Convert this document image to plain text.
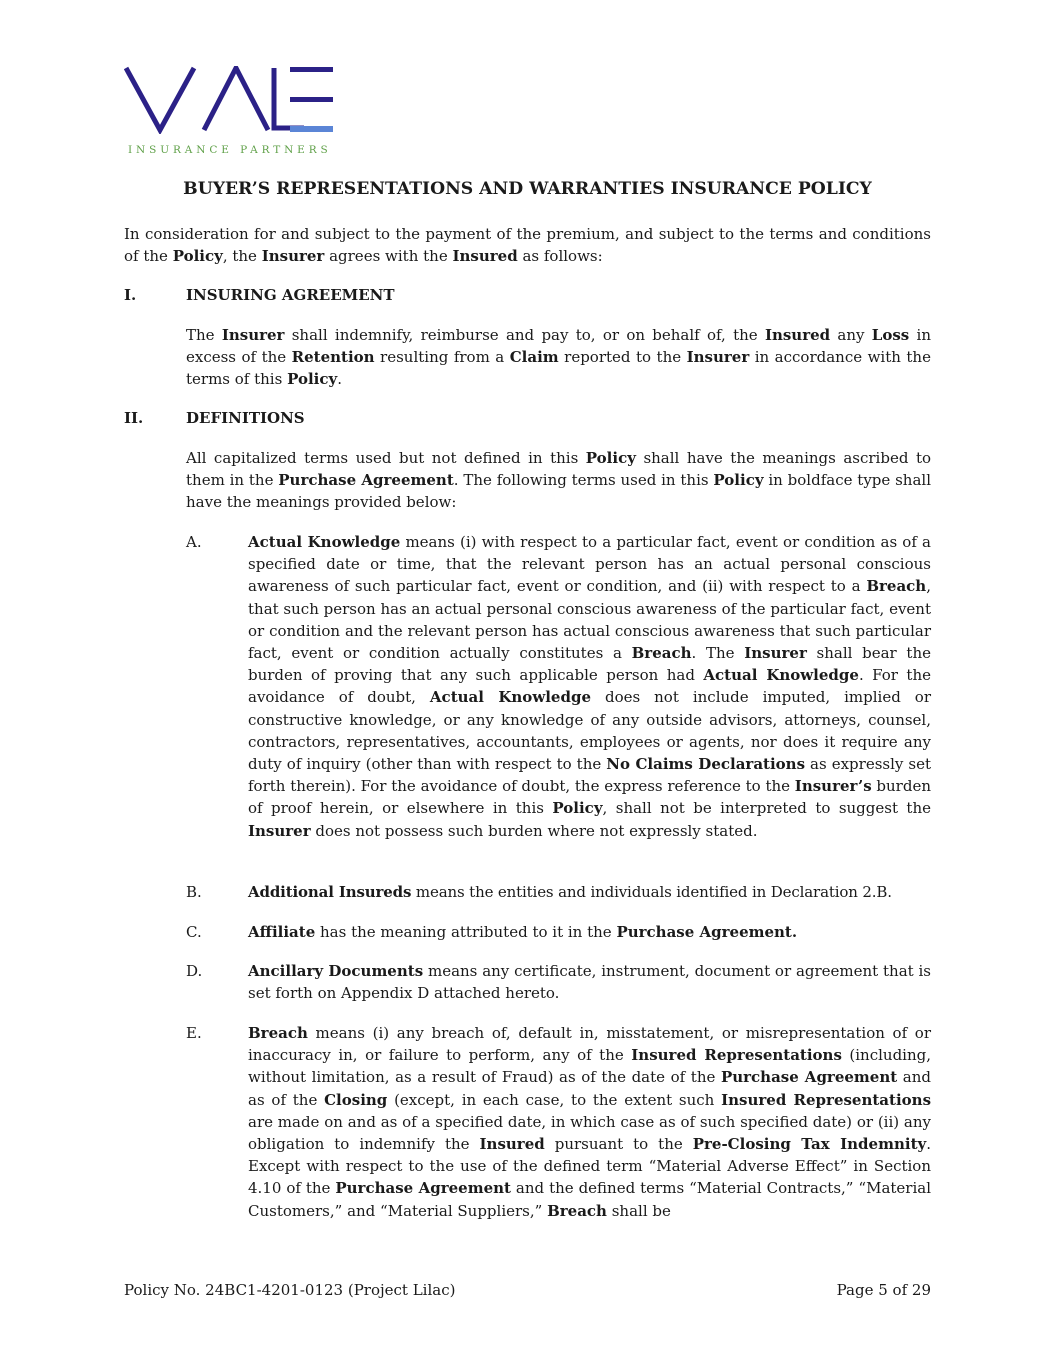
INSURANCE PARTNERS
BUYER’S REPRESENTATIONS AND WARRANTIES INSURANCE POLICY
In consideration for and subject to the payment of the premium, and subject to the terms and conditions of the Policy, the Insurer agrees with the Insured as follows:
I.	INSURING AGREEMENT
The Insurer shall indemnify, reimburse and pay to, or on behalf of, the Insured any Loss in excess of the Retention resulting from a Claim reported to the Insurer in accordance with the terms of this Policy.
II.	DEFINITIONS
All capitalized terms used but not defined in this Policy shall have the meanings ascribed to them in the Purchase Agreement. The following terms used in this Policy in boldface type shall have the meanings provided below:
A.	Actual Knowledge means (i) with respect to a particular fact, event or condition as of a specified date or time, that the relevant person has an actual personal conscious awareness of such particular fact, event or condition, and (ii) with respect to a Breach, that such person has an actual personal conscious awareness of the particular fact, event or condition and the relevant person has actual conscious awareness that such particular fact, event or condition actually constitutes a Breach. The Insurer shall bear the burden of proving that any such applicable person had Actual Knowledge. For the avoidance of doubt, Actual Knowledge does not include imputed, implied or constructive knowledge, or any knowledge of any outside advisors, attorneys, counsel, contractors, representatives, accountants, employees or agents, nor does it require any duty of inquiry (other than with respect to the No Claims Declarations as expressly set forth therein). For the avoidance of doubt, the express reference to the Insurer’s burden of proof herein, or elsewhere in this Policy, shall not be interpreted to suggest the Insurer does not possess such burden where not expressly stated.
B.	Additional Insureds means the entities and individuals identified in Declaration 2.B.
C.	Affiliate has the meaning attributed to it in the Purchase Agreement.
D.	Ancillary Documents means any certificate, instrument, document or agreement that is set forth on Appendix D attached hereto.
E.	Breach means (i) any breach of, default in, misstatement, or misrepresentation of or inaccuracy in, or failure to perform, any of the Insured Representations (including, without limitation, as a result of Fraud) as of the date of the Purchase Agreement and as of the Closing (except, in each case, to the extent such Insured Representations are made on and as of a specified date, in which case as of such specified date) or (ii) any obligation to indemnify the Insured pursuant to the Pre-Closing Tax Indemnity. Except with respect to the use of the defined term “Material Adverse Effect” in Section 4.10 of the Purchase Agreement and the defined terms “Material Contracts,” “Material Customers,” and “Material Suppliers,” Breach shall be
Policy No. 24BC1-4201-0123 (Project Lilac)	Page 5 of 29
